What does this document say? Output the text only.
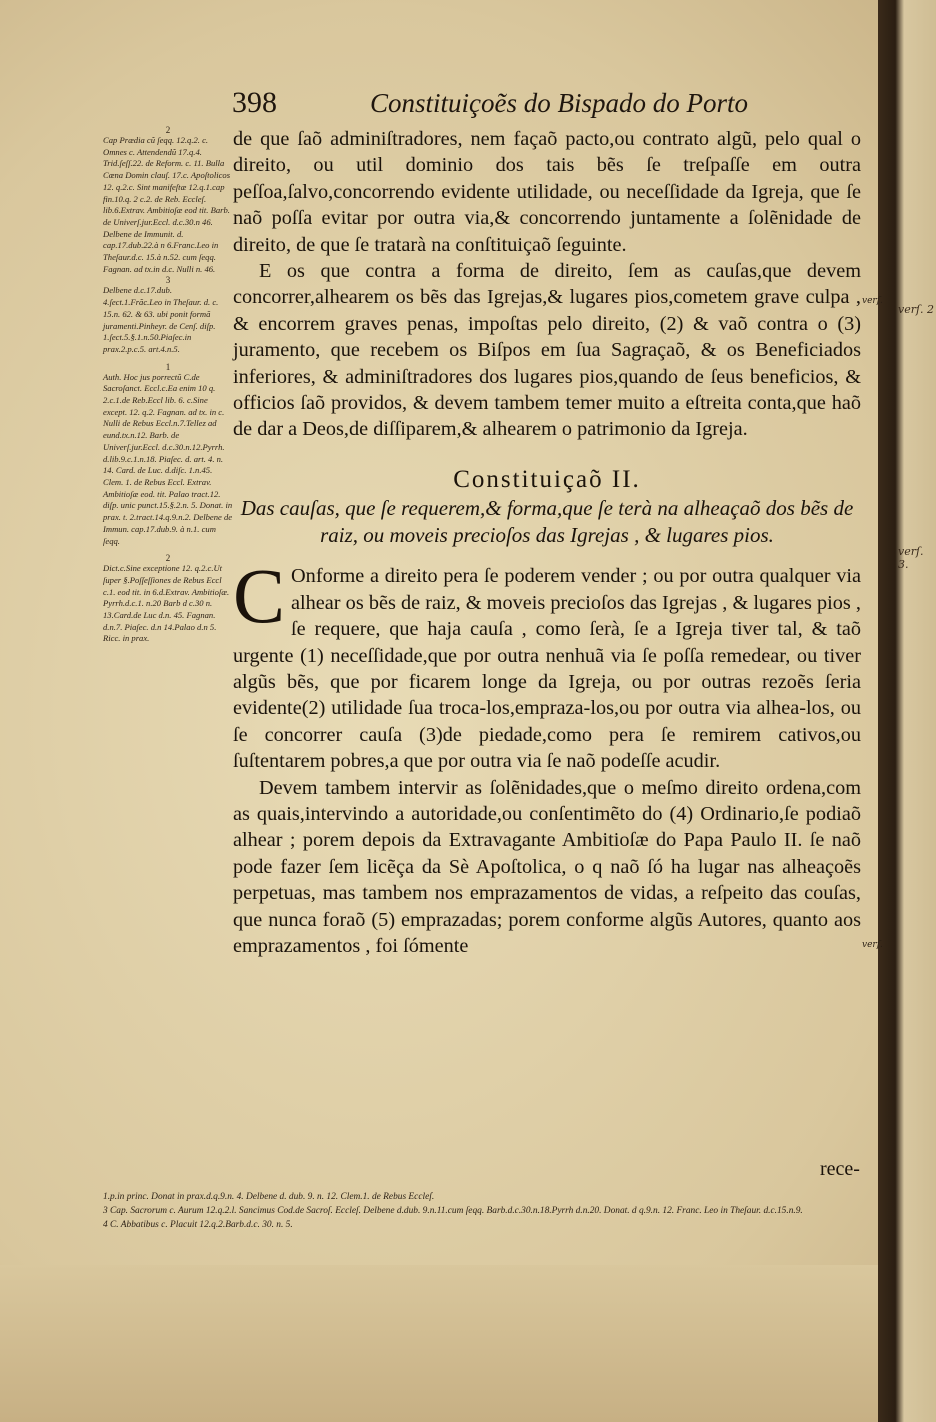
398	Constituiçoẽs do Bispado do Porto
2
Cap Prædia cũ ſeqq. 12.q.2. c. Omnes c. Attendendũ 17.q.4. Trid.ſeſſ.22. de Reform. c. 11. Bulla Cœna Domin clauſ. 17.c. Apoſtolicos 12. q.2.c. Sint manifeſtæ 12.q.1.cap fin.10.q. 2 c.2. de Reb. Eccleſ. lib.6.Extrav. Ambitioſæ eod tit. Barb. de Univerſ.jur.Eccl. d.c.30.n 46. Delbene de Immunit. d. cap.17.dub.22.à n 6.Franc.Leo in Theſaur.d.c. 15.à n.52. cum ſeqq. Fagnan. ad tx.in d.c. Nulli n. 46.
3
Delbene d.c.17.dub. 4.ſect.1.Frãc.Leo in Theſaur. d. c. 15.n. 62. & 63. ubi ponit formã juramenti.Pinheyr. de Cenſ. diſp. 1.ſect.5.§.1.n.50.Piaſec.in prax.2.p.c.5. art.4.n.5.
1
Auth. Hoc jus porrectũ C.de Sacroſanct. Eccl.c.Ea enim 10 q. 2.c.1.de Reb.Eccl lib. 6. c.Sine except. 12. q.2. Fagnan. ad tx. in c. Nulli de Rebus Eccl.n.7.Tellez ad eund.tx.n.12. Barb. de Univerſ.jur.Eccl. d.c.30.n.12.Pyrrh. d.lib.9.c.1.n.18. Piaſec. d. art. 4. n. 14. Card. de Luc. d.diſc. 1.n.45. Clem. 1. de Rebus Eccl. Extrav. Ambitioſæ eod. tit. Palao tract.12. diſp. unic punct.15.§.2.n. 5. Donat. in prax. t. 2.tract.14.q.9.n.2. Delbene de Immun. cap.17.dub.9. à n.1. cum ſeqq.
2
Dict.c.Sine exceptione 12. q.2.c.Ut ſuper §.Poſſeſſiones de Rebus Eccl c.1. eod tit. in 6.d.Extrav. Ambitioſæ. Pyrrh.d.c.1. n.20 Barb d c.30 n. 13.Card.de Luc d.n. 45. Fagnan. d.n.7. Piaſec. d.n 14.Palao d.n 5. Ricc. in prax.

de que ſaõ adminiſtradores, nem façaõ pacto,ou contrato algũ, pelo qual o direito, ou util dominio dos tais bẽs ſe treſpaſſe em outra peſſoa,ſalvo,concorrendo evidente utilidade, ou neceſſidade da Igreja, que ſe naõ poſſa evitar por outra via,& concorrendo juntamente a ſolẽnidade de direito, de que ſe tratarà na conſtituiçaõ ſeguinte.

E os que contra a forma de direito, ſem as cauſas,que devem concorrer,alhearem os bẽs das Igrejas,& lugares pios,cometem grave culpa , & encorrem graves penas, impoſtas pelo direito, (2) & vaõ contra o (3) juramento, que recebem os Biſpos em ſua Sagraçaõ, & os Beneficiados inferiores, & adminiſtradores dos lugares pios,quando de ſeus beneficios, & officios ſaõ providos, & devem tambem temer muito a eſtreita conta,que haõ de dar a Deos,de diſſiparem,& alhearem o patrimonio da Igreja.

Constituiçaõ II.
Das cauſas, que ſe requerem,& forma,que ſe terà na alheaçaõ dos bẽs de raiz, ou moveis precioſos das Igrejas , & lugares pios.

C Onforme a direito pera ſe poderem vender ; ou por outra qualquer via alhear os bẽs de raiz, & moveis precioſos das Igrejas , & lugares pios , ſe requere, que haja cauſa , como ſerà, ſe a Igreja tiver tal, & taõ urgente (1) neceſſidade,que por outra nenhuã via ſe poſſa remedear, ou tiver algũs bẽs, que por ficarem longe da Igreja, ou por outras rezoẽs ſeria evidente(2) utilidade ſua troca-los,empraza-los,ou por outra via alhea-los, ou ſe concorrer cauſa (3)de piedade,como pera ſe remirem cativos,ou ſuſtentarem pobres,a que por outra via ſe naõ podeſſe acudir.

Devem tambem intervir as ſolẽnidades,que o meſmo direito ordena,com as quais,intervindo a autoridade,ou conſentimẽto do (4) Ordinario,ſe podiaõ alhear ; porem depois da Extravagante Ambitioſæ do Papa Paulo II. ſe naõ pode fazer ſem licẽça da Sè Apoſtolica, o q naõ ſó ha lugar nas alheaçoẽs perpetuas, mas tambem nos emprazamentos de vidas, a reſpeito das couſas, que nunca foraõ (5) emprazadas; porem conforme algũs Autores, quanto aos emprazamentos , foi ſómente

rece-
verſ.
verſ.
verſ. 2
verſ. 3.
1.p.in princ. Donat in prax.d.q.9.n. 4. Delbene d. dub. 9. n. 12. Clem.1. de Rebus Eccleſ.
3 Cap. Sacrorum c. Aurum 12.q.2.l. Sancimus Cod.de Sacroſ. Eccleſ. Delbene d.dub. 9.n.11.cum ſeqq. Barb.d.c.30.n.18.Pyrrh d.n.20. Donat. d q.9.n. 12. Franc. Leo in Theſaur. d.c.15.n.9.
4 C. Abbatibus c. Placuit 12.q.2.Barb.d.c. 30. n. 5.
